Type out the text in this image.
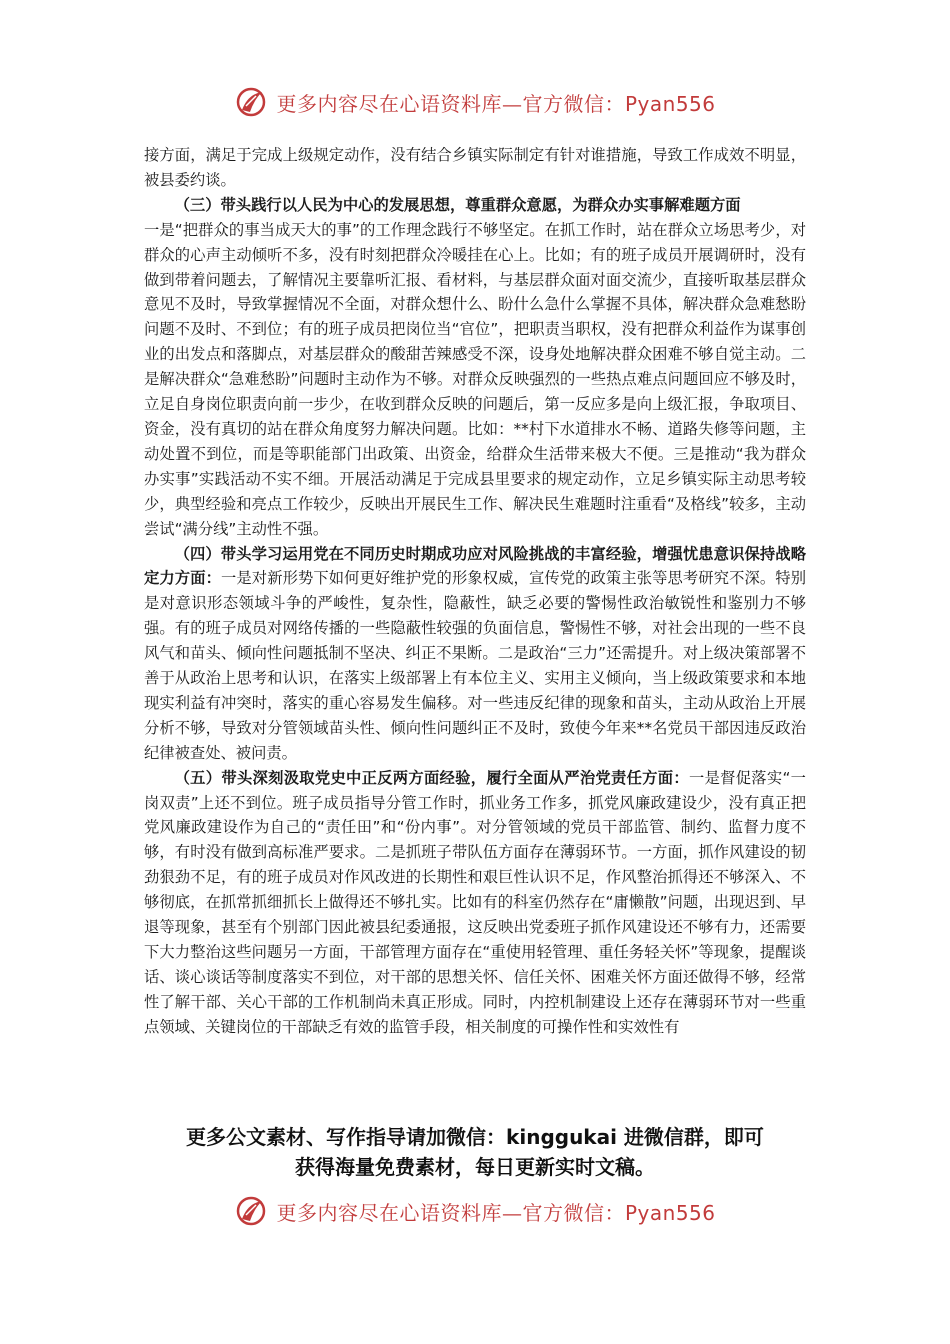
更多内容尽在心语资料库—官方微信：Pyan556

接方面，满足于完成上级规定动作，没有结合乡镇实际制定有针对谁措施，导致工作成效不明显，被县委约谈。

（三）带头践行以人民为中心的发展思想，尊重群众意愿，为群众办实事解难题方面

一是“把群众的事当成天大的事”的工作理念践行不够坚定。在抓工作时，站在群众立场思考少，对群众的心声主动倾听不多，没有时刻把群众冷暖挂在心上。比如；有的班子成员开展调研时，没有做到带着问题去，了解情况主要靠听汇报、看材料，与基层群众面对面交流少，直接听取基层群众意见不及时，导致掌握情况不全面，对群众想什么、盼什么急什么掌握不具体，解决群众急难愁盼问题不及时、不到位；有的班子成员把岗位当“官位”，把职责当职权，没有把群众利益作为谋事创业的出发点和落脚点，对基层群众的酸甜苦辣感受不深，设身处地解决群众困难不够自觉主动。二是解决群众“急难愁盼”问题时主动作为不够。对群众反映强烈的一些热点难点问题回应不够及时，立足自身岗位职责向前一步少，在收到群众反映的问题后，第一反应多是向上级汇报，争取项目、资金，没有真切的站在群众角度努力解决问题。比如：**村下水道排水不畅、道路失修等问题，主动处置不到位，而是等职能部门出政策、出资金，给群众生活带来极大不便。三是推动“我为群众办实事”实践活动不实不细。开展活动满足于完成县里要求的规定动作，立足乡镇实际主动思考较少，典型经验和亮点工作较少，反映出开展民生工作、解决民生难题时注重看“及格线”较多，主动尝试“满分线”主动性不强。

（四）带头学习运用党在不同历史时期成功应对风险挑战的丰富经验，增强忧患意识保持战略定力方面：一是对新形势下如何更好维护党的形象权威，宣传党的政策主张等思考研究不深。特别是对意识形态领域斗争的严峻性，复杂性，隐蔽性，缺乏必要的警惕性政治敏锐性和鉴别力不够强。有的班子成员对网络传播的一些隐蔽性较强的负面信息，警惕性不够，对社会出现的一些不良风气和苗头、倾向性问题抵制不坚决、纠正不果断。二是政治“三力”还需提升。对上级决策部署不善于从政治上思考和认识，在落实上级部署上有本位主义、实用主义倾向，当上级政策要求和本地现实利益有冲突时，落实的重心容易发生偏移。对一些违反纪律的现象和苗头，主动从政治上开展分析不够，导致对分管领域苗头性、倾向性问题纠正不及时，致使今年来**名党员干部因违反政治纪律被查处、被问责。

（五）带头深刻汲取党史中正反两方面经验，履行全面从严治党责任方面：一是督促落实“一岗双责”上还不到位。班子成员指导分管工作时，抓业务工作多，抓党风廉政建设少，没有真正把党风廉政建设作为自己的“责任田”和“份内事”。对分管领域的党员干部监管、制约、监督力度不够，有时没有做到高标准严要求。二是抓班子带队伍方面存在薄弱环节。一方面，抓作风建设的韧劲狠劲不足，有的班子成员对作风改进的长期性和艰巨性认识不足，作风整治抓得还不够深入、不够彻底，在抓常抓细抓长上做得还不够扎实。比如有的科室仍然存在“庸懒散”问题，出现迟到、早退等现象，甚至有个别部门因此被县纪委通报，这反映出党委班子抓作风建设还不够有力，还需要下大力整治这些问题另一方面，干部管理方面存在“重使用轻管理、重任务轻关怀”等现象，提醒谈话、谈心谈话等制度落实不到位，对干部的思想关怀、信任关怀、困难关怀方面还做得不够，经常性了解干部、关心干部的工作机制尚未真正形成。同时，内控机制建设上还存在薄弱环节对一些重点领域、关键岗位的干部缺乏有效的监管手段，相关制度的可操作性和实效性有

更多公文素材、写作指导请加微信：kinggukai 进微信群，即可
获得海量免费素材，每日更新实时文稿。
更多内容尽在心语资料库—官方微信：Pyan556
